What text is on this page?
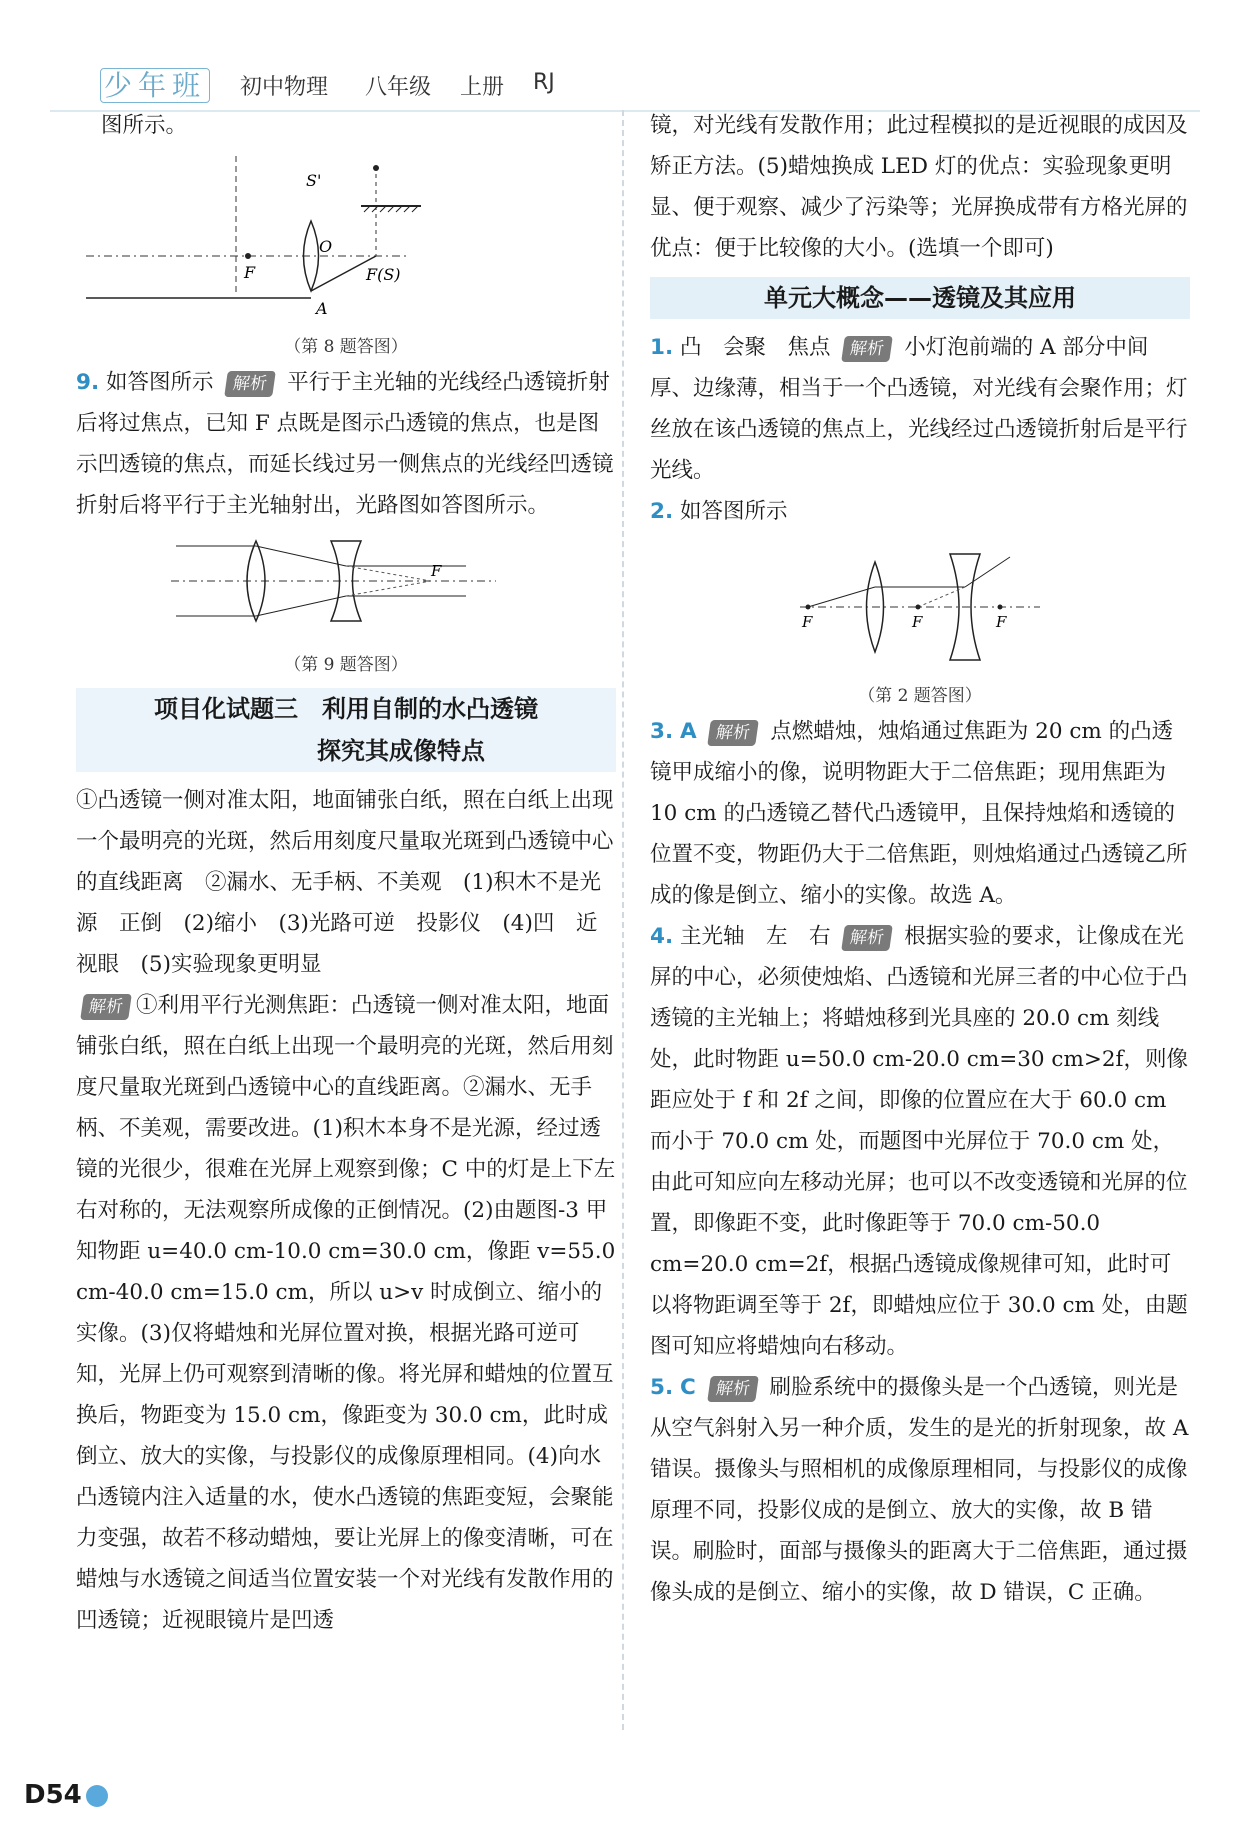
少年班	初中物理 八年级 上册 RJ

图所示。

S'
O
F	F(S)
A
（第 8 题答图）

9. 如答图所示 解析 平行于主光轴的光线经凸透镜折射后将过焦点，已知 F 点既是图示凸透镜的焦点，也是图示凹透镜的焦点，而延长线过另一侧焦点的光线经凹透镜折射后将平行于主光轴射出，光路图如答图所示。

F
（第 9 题答图）
项目化试题三　利用自制的水凸透镜
探究其成像特点

①凸透镜一侧对准太阳，地面铺张白纸，照在白纸上出现一个最明亮的光斑，然后用刻度尺量取光斑到凸透镜中心的直线距离　②漏水、无手柄、不美观　(1)积木不是光源　正倒　(2)缩小　(3)光路可逆　投影仪　(4)凹　近视眼　(5)实验现象更明显

解析 ①利用平行光测焦距：凸透镜一侧对准太阳，地面铺张白纸，照在白纸上出现一个最明亮的光斑，然后用刻度尺量取光斑到凸透镜中心的直线距离。②漏水、无手柄、不美观，需要改进。(1)积木本身不是光源，经过透镜的光很少，很难在光屏上观察到像；C 中的灯是上下左右对称的，无法观察所成像的正倒情况。(2)由题图-3 甲知物距 u=40.0 cm-10.0 cm=30.0 cm，像距 v=55.0 cm-40.0 cm=15.0 cm，所以 u>v 时成倒立、缩小的实像。(3)仅将蜡烛和光屏位置对换，根据光路可逆可知，光屏上仍可观察到清晰的像。将光屏和蜡烛的位置互换后，物距变为 15.0 cm，像距变为 30.0 cm，此时成倒立、放大的实像，与投影仪的成像原理相同。(4)向水凸透镜内注入适量的水，使水凸透镜的焦距变短，会聚能力变强，故若不移动蜡烛，要让光屏上的像变清晰，可在蜡烛与水透镜之间适当位置安装一个对光线有发散作用的凹透镜；近视眼镜片是凹透

镜，对光线有发散作用；此过程模拟的是近视眼的成因及矫正方法。(5)蜡烛换成 LED 灯的优点：实验现象更明显、便于观察、减少了污染等；光屏换成带有方格光屏的优点：便于比较像的大小。(选填一个即可)

单元大概念——透镜及其应用

1. 凸　会聚　焦点 解析 小灯泡前端的 A 部分中间厚、边缘薄，相当于一个凸透镜，对光线有会聚作用；灯丝放在该凸透镜的焦点上，光线经过凸透镜折射后是平行光线。

2. 如答图所示

F	F	F
（第 2 题答图）

3. A 解析 点燃蜡烛，烛焰通过焦距为 20 cm 的凸透镜甲成缩小的像，说明物距大于二倍焦距；现用焦距为 10 cm 的凸透镜乙替代凸透镜甲，且保持烛焰和透镜的位置不变，物距仍大于二倍焦距，则烛焰通过凸透镜乙所成的像是倒立、缩小的实像。故选 A。

4. 主光轴　左　右 解析 根据实验的要求，让像成在光屏的中心，必须使烛焰、凸透镜和光屏三者的中心位于凸透镜的主光轴上；将蜡烛移到光具座的 20.0 cm 刻线处，此时物距 u=50.0 cm-20.0 cm=30 cm>2f，则像距应处于 f 和 2f 之间，即像的位置应在大于 60.0 cm 而小于 70.0 cm 处，而题图中光屏位于 70.0 cm 处，由此可知应向左移动光屏；也可以不改变透镜和光屏的位置，即像距不变，此时像距等于 70.0 cm-50.0 cm=20.0 cm=2f，根据凸透镜成像规律可知，此时可以将物距调至等于 2f，即蜡烛应位于 30.0 cm 处，由题图可知应将蜡烛向右移动。

5. C 解析 刷脸系统中的摄像头是一个凸透镜，则光是从空气斜射入另一种介质，发生的是光的折射现象，故 A 错误。摄像头与照相机的成像原理相同，与投影仪的成像原理不同，投影仪成的是倒立、放大的实像，故 B 错误。刷脸时，面部与摄像头的距离大于二倍焦距，通过摄像头成的是倒立、缩小的实像，故 D 错误，C 正确。

D54
